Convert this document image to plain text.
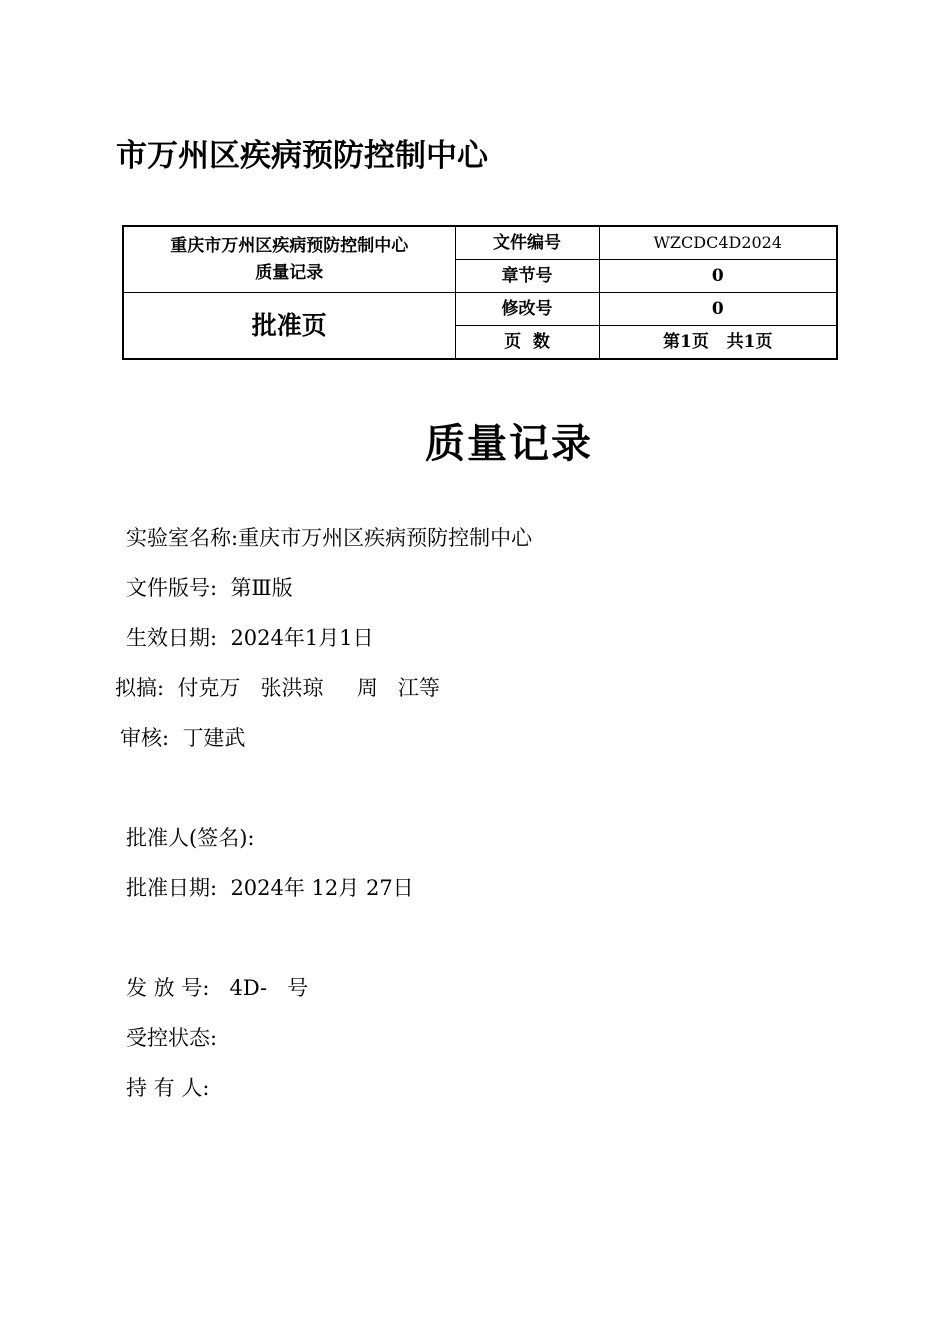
市万州区疾病预防控制中心
重庆市万州区疾病预防控制中心
质量记录	文件编号	WZCDC4D2024
	章节号	0
批准页	修改号	0
	页  数	第1页   共1页
质量记录
实验室名称:重庆市万州区疾病预防控制中心
文件版号: 第Ⅲ版
生效日期: 2024年1月1日
拟搞: 付克万   张洪琼     周   江等
审核: 丁建武
批准人(签名):
批准日期: 2024年 12月 27日
发 放 号: 4D-   号
受控状态:
持 有 人:
